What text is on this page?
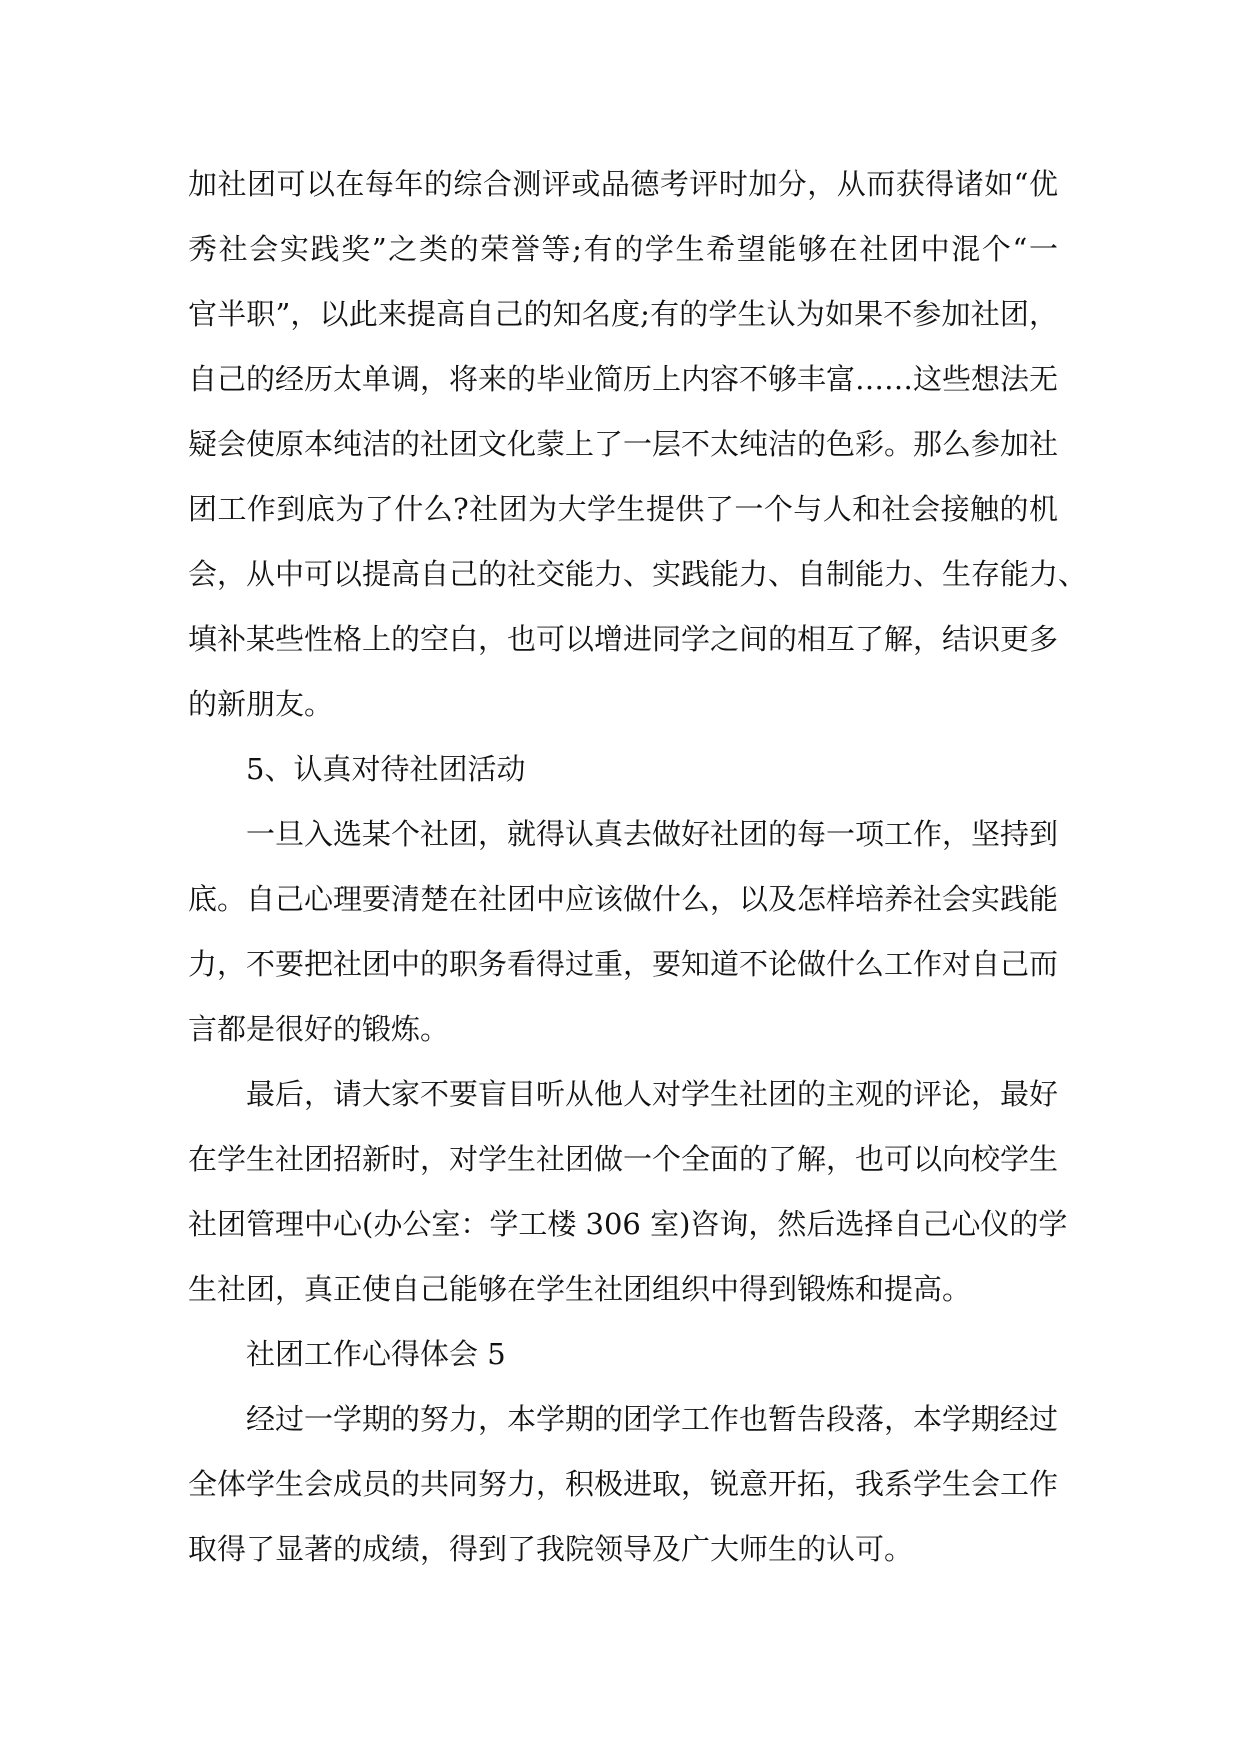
加社团可以在每年的综合测评或品德考评时加分，从而获得诸如“优
秀社会实践奖”之类的荣誉等;有的学生希望能够在社团中混个“一
官半职”，以此来提高自己的知名度;有的学生认为如果不参加社团，
自己的经历太单调，将来的毕业简历上内容不够丰富……这些想法无
疑会使原本纯洁的社团文化蒙上了一层不太纯洁的色彩。那么参加社
团工作到底为了什么?社团为大学生提供了一个与人和社会接触的机
会，从中可以提高自己的社交能力、实践能力、自制能力、生存能力、
填补某些性格上的空白，也可以增进同学之间的相互了解，结识更多
的新朋友。
5、认真对待社团活动
一旦入选某个社团，就得认真去做好社团的每一项工作，坚持到
底。自己心理要清楚在社团中应该做什么，以及怎样培养社会实践能
力，不要把社团中的职务看得过重，要知道不论做什么工作对自己而
言都是很好的锻炼。
最后，请大家不要盲目听从他人对学生社团的主观的评论，最好
在学生社团招新时，对学生社团做一个全面的了解，也可以向校学生
社团管理中心(办公室：学工楼 306 室)咨询，然后选择自己心仪的学
生社团，真正使自己能够在学生社团组织中得到锻炼和提高。
社团工作心得体会 5
经过一学期的努力，本学期的团学工作也暂告段落，本学期经过
全体学生会成员的共同努力，积极进取，锐意开拓，我系学生会工作
取得了显著的成绩，得到了我院领导及广大师生的认可。
